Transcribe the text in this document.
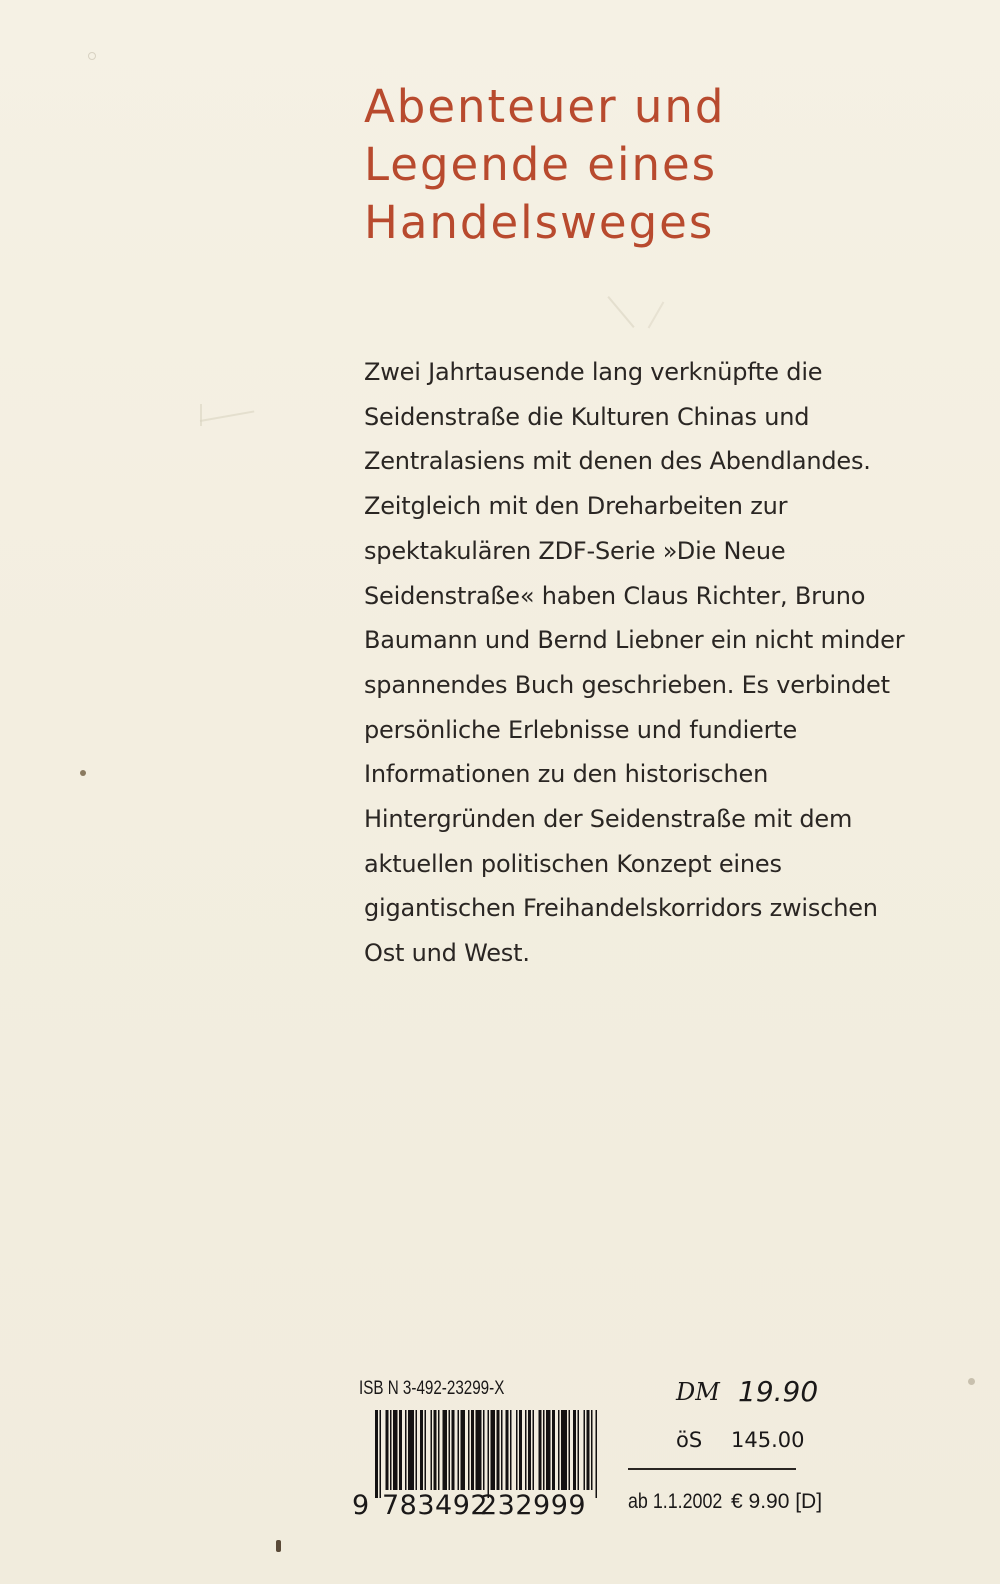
Abenteuer und
Legende eines
Handelsweges
Zwei Jahrtausende lang verknüpfte die
Seidenstraße die Kulturen Chinas und
Zentralasiens mit denen des Abendlandes.
Zeitgleich mit den Dreharbeiten zur
spektakulären ZDF-Serie »Die Neue
Seidenstraße« haben Claus Richter, Bruno
Baumann und Bernd Liebner ein nicht minder
spannendes Buch geschrieben. Es verbindet
persönliche Erlebnisse und fundierte
Informationen zu den historischen
Hintergründen der Seidenstraße mit dem
aktuellen politischen Konzept eines
gigantischen Freihandelskorridors zwischen
Ost und West.
ISB N 3-492-23299-X
9 783492
232999
DM 19.90
öS 145.00
ab 1.1.2002 € 9.90 [D]
